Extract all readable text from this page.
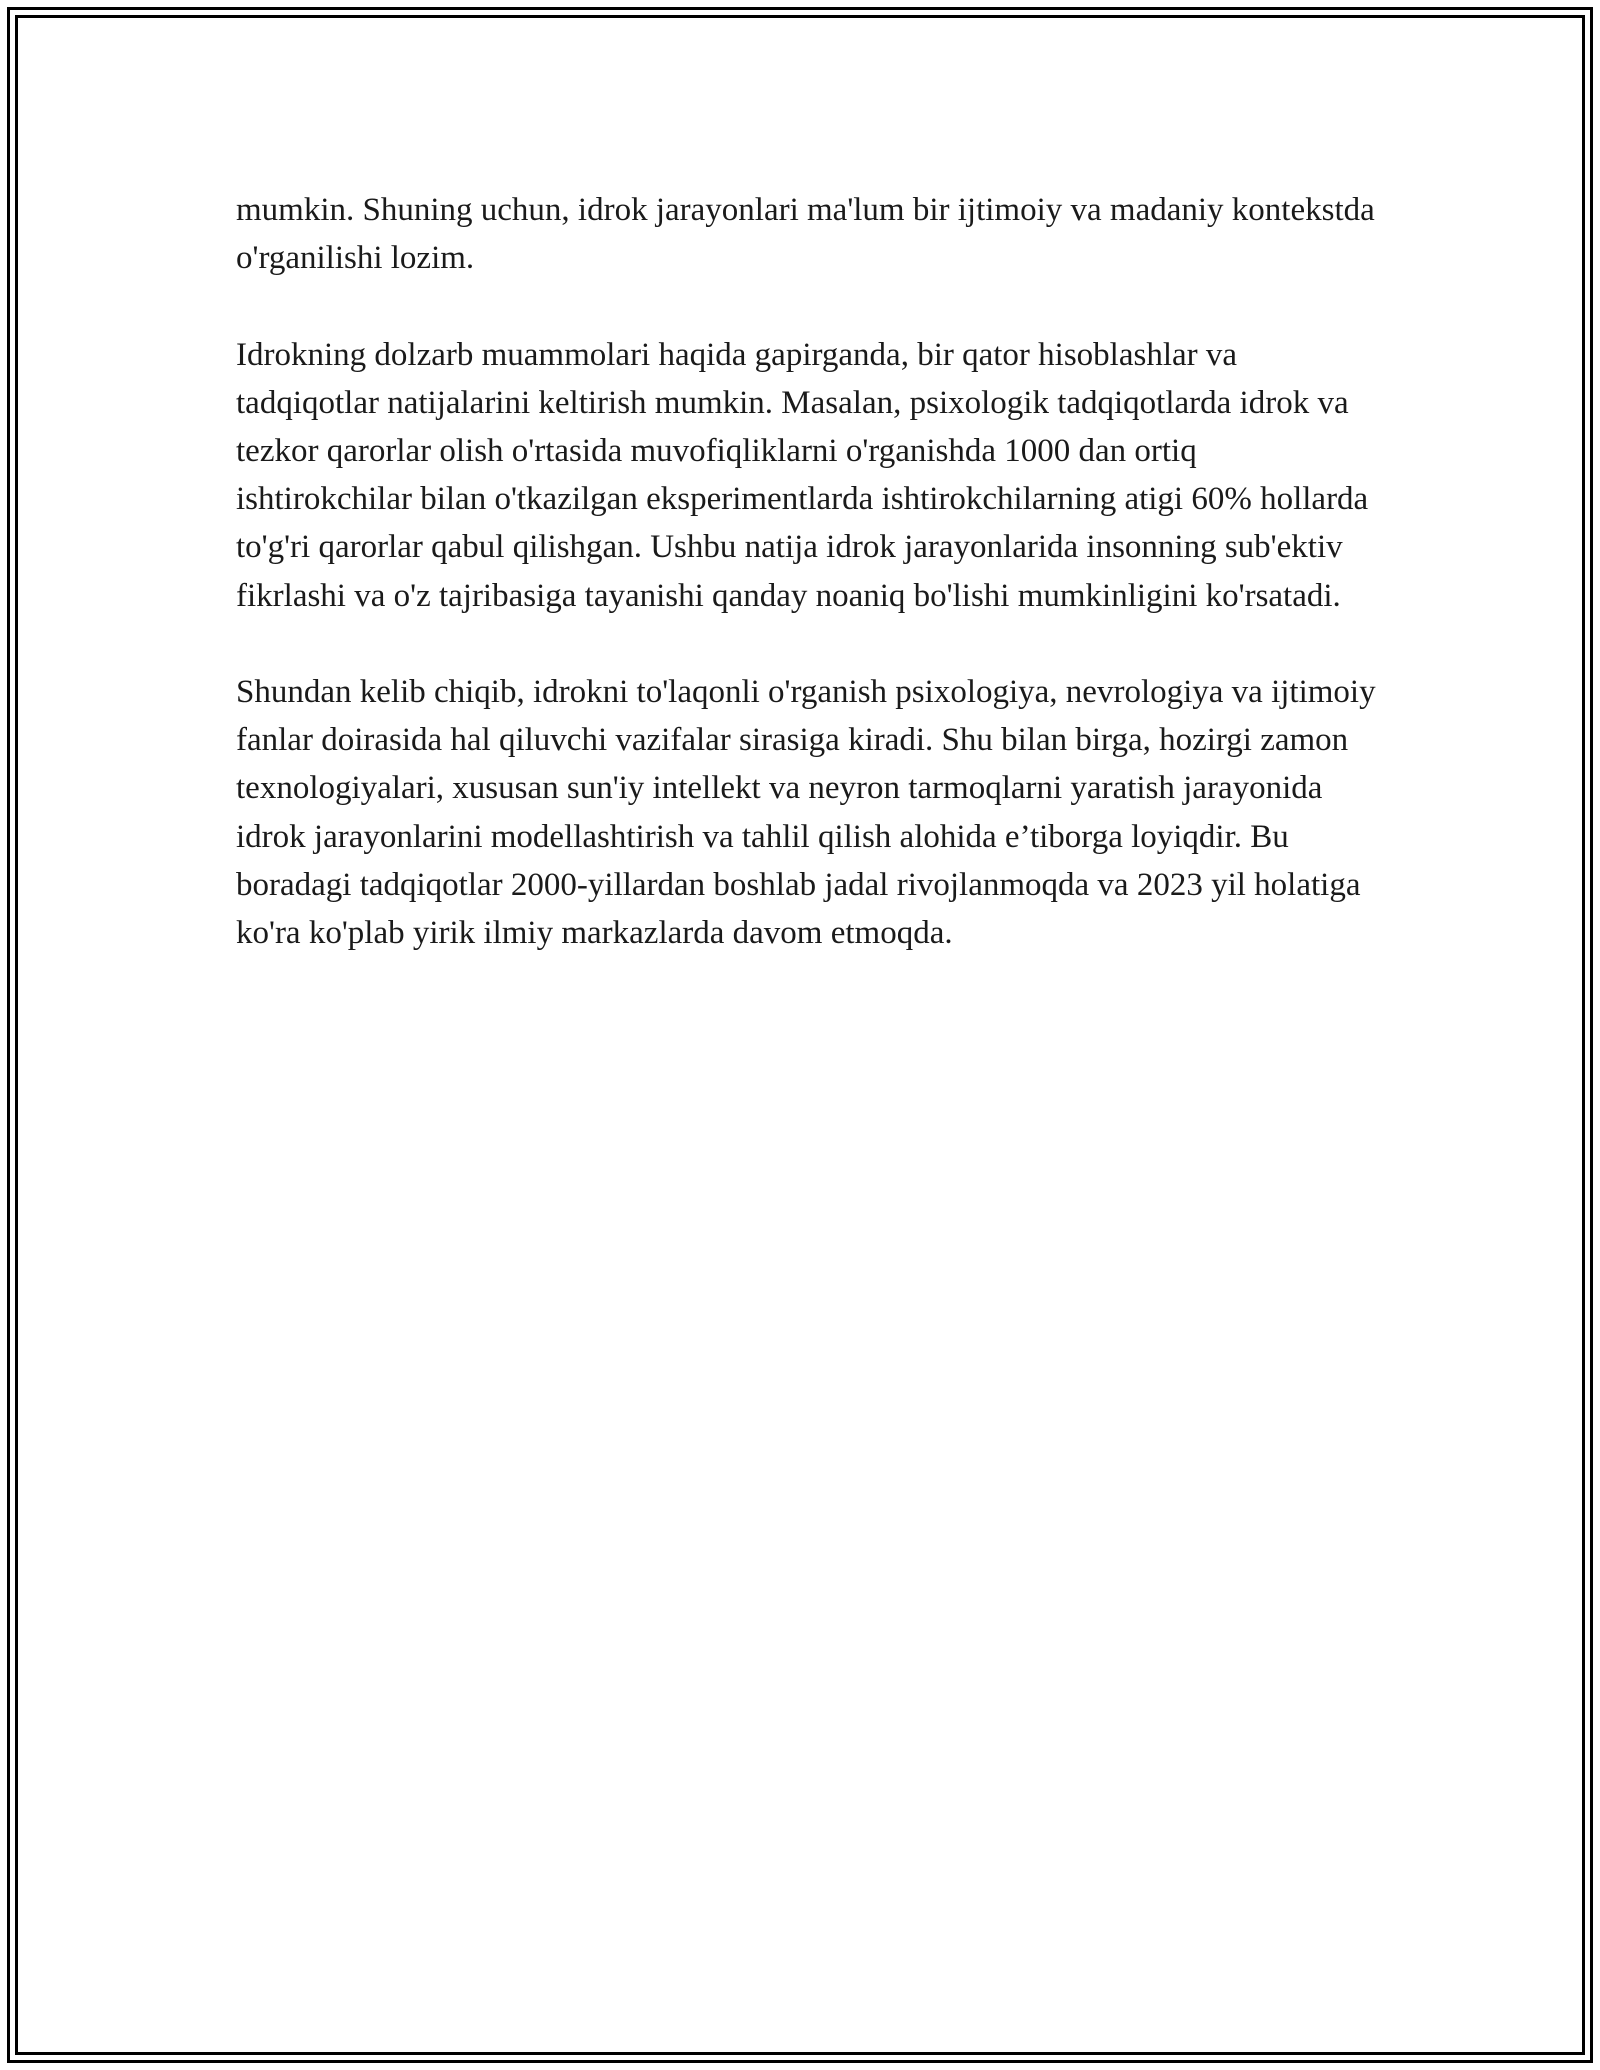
mumkin. Shuning uchun, idrok jarayonlari ma'lum bir ijtimoiy va madaniy kontekstda o'rganilishi lozim.

Idrokning dolzarb muammolari haqida gapirganda, bir qator hisoblashlar va tadqiqotlar natijalarini keltirish mumkin. Masalan, psixologik tadqiqotlarda idrok va tezkor qarorlar olish o'rtasida muvofiqliklarni o'rganishda 1000 dan ortiq ishtirokchilar bilan o'tkazilgan eksperimentlarda ishtirokchilarning atigi 60% hollarda to'g'ri qarorlar qabul qilishgan. Ushbu natija idrok jarayonlarida insonning sub'ektiv fikrlashi va o'z tajribasiga tayanishi qanday noaniq bo'lishi mumkinligini ko'rsatadi.

Shundan kelib chiqib, idrokni to'laqonli o'rganish psixologiya, nevrologiya va ijtimoiy fanlar doirasida hal qiluvchi vazifalar sirasiga kiradi. Shu bilan birga, hozirgi zamon texnologiyalari, xususan sun'iy intellekt va neyron tarmoqlarni yaratish jarayonida idrok jarayonlarini modellashtirish va tahlil qilish alohida e’tiborga loyiqdir. Bu boradagi tadqiqotlar 2000-yillardan boshlab jadal rivojlanmoqda va 2023 yil holatiga ko'ra ko'plab yirik ilmiy markazlarda davom etmoqda.
